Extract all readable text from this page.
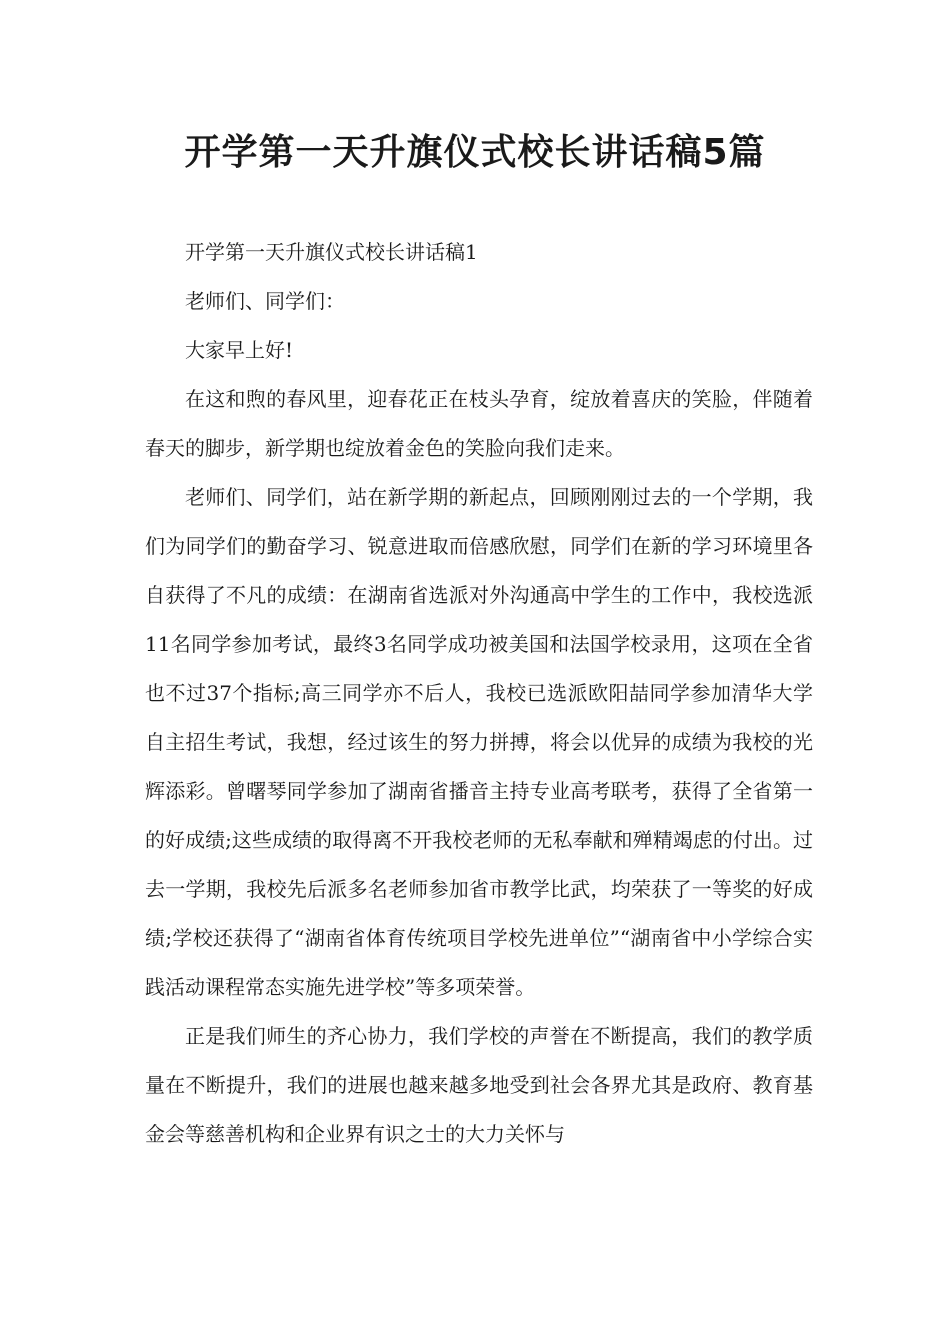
开学第一天升旗仪式校长讲话稿5篇

开学第一天升旗仪式校长讲话稿1

老师们、同学们：

大家早上好!

在这和煦的春风里，迎春花正在枝头孕育，绽放着喜庆的笑脸，伴随着春天的脚步，新学期也绽放着金色的笑脸向我们走来。

老师们、同学们，站在新学期的新起点，回顾刚刚过去的一个学期，我们为同学们的勤奋学习、锐意进取而倍感欣慰，同学们在新的学习环境里各自获得了不凡的成绩：在湖南省选派对外沟通高中学生的工作中，我校选派11名同学参加考试，最终3名同学成功被美国和法国学校录用，这项在全省也不过37个指标;高三同学亦不后人，我校已选派欧阳喆同学参加清华大学自主招生考试，我想，经过该生的努力拼搏，将会以优异的成绩为我校的光辉添彩。曾曙琴同学参加了湖南省播音主持专业高考联考，获得了全省第一的好成绩;这些成绩的取得离不开我校老师的无私奉献和殚精竭虑的付出。过去一学期，我校先后派多名老师参加省市教学比武，均荣获了一等奖的好成绩;学校还获得了“湖南省体育传统项目学校先进单位”“湖南省中小学综合实践活动课程常态实施先进学校”等多项荣誉。

正是我们师生的齐心协力，我们学校的声誉在不断提高，我们的教学质量在不断提升，我们的进展也越来越多地受到社会各界尤其是政府、教育基金会等慈善机构和企业界有识之士的大力关怀与
